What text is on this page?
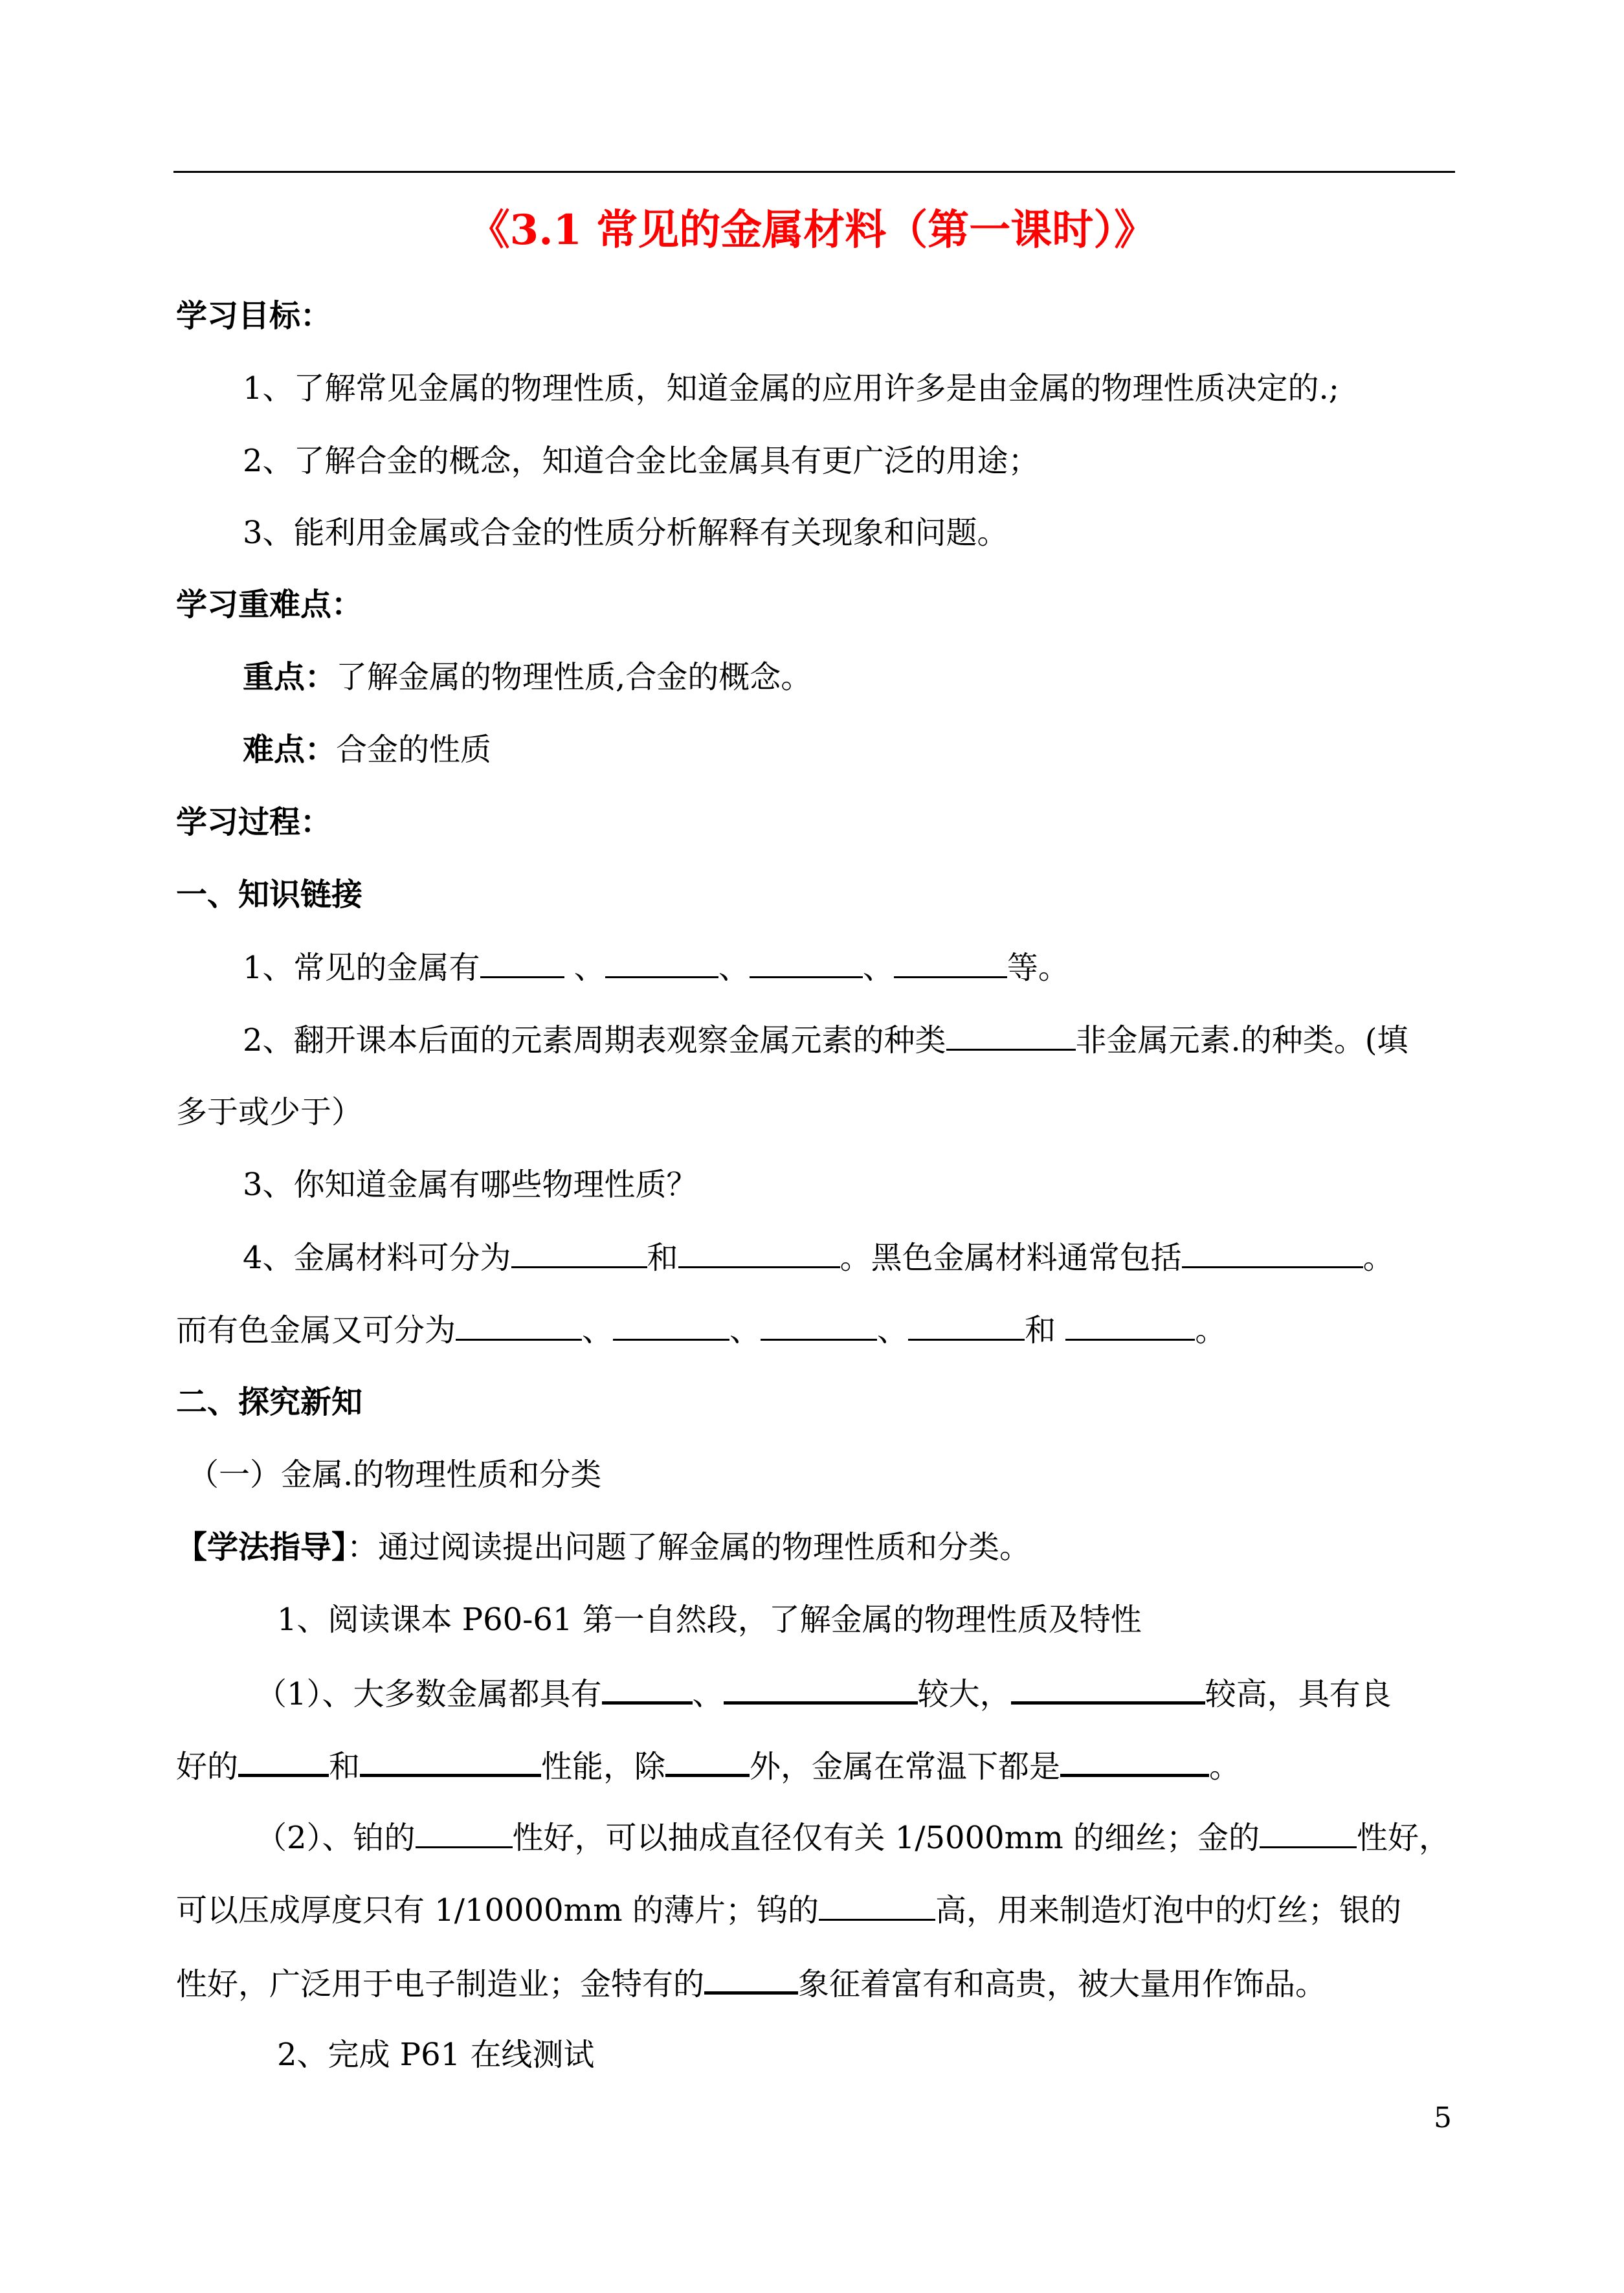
《3.1 常见的金属材料（第一课时）》
学习目标：
1、了解常见金属的物理性质，知道金属的应用许多是由金属的物理性质决定的.;
2、了解合金的概念，知道合金比金属具有更广泛的用途；
3、能利用金属或合金的性质分析解释有关现象和问题。
学习重难点：
重点：了解金属的物理性质,合金的概念。
难点：合金的性质
学习过程：
一、知识链接
1、常见的金属有	、	、	、	等。
2、翻开课本后面的元素周期表观察金属元素的种类	非金属元素.的种类。(填
多于或少于）
3、你知道金属有哪些物理性质？
4、金属材料可分为	和	。黑色金属材料通常包括	。
而有色金属又可分为	、	、	、	和	。
二、探究新知
（一）金属.的物理性质和分类
【学法指导】：通过阅读提出问题了解金属的物理性质和分类。
1、阅读课本 P60-61 第一自然段，了解金属的物理性质及特性
（1）、大多数金属都具有	、	较大，	较高，具有良
好的	和	性能，除	外，金属在常温下都是	。
（2）、铂的	性好，可以抽成直径仅有关 1/5000mm 的细丝；金的	性好，
可以压成厚度只有 1/10000mm 的薄片；钨的	高，用来制造灯泡中的灯丝；银的
性好，广泛用于电子制造业；金特有的	象征着富有和高贵，被大量用作饰品。
2、完成 P61 在线测试
5
